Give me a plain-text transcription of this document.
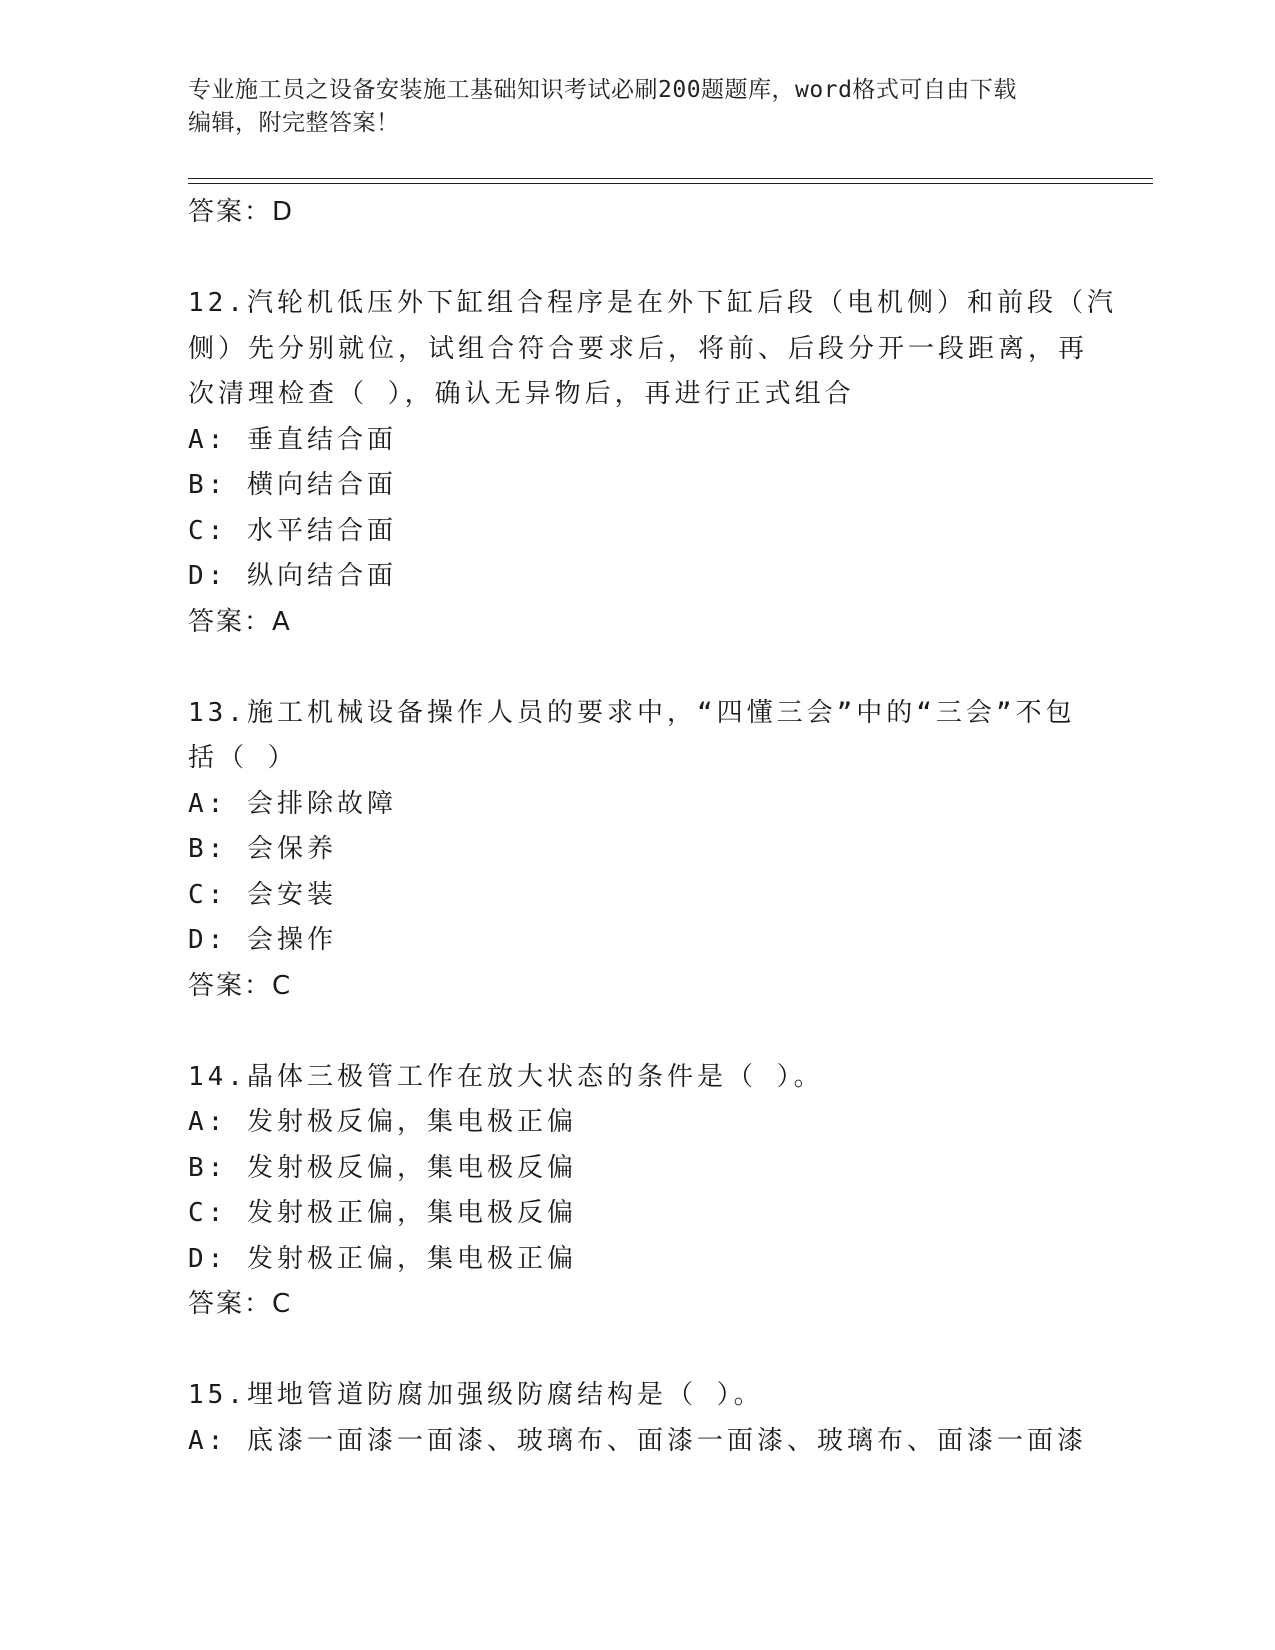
专业施工员之设备安装施工基础知识考试必刷200题题库，word格式可自由下载
编辑，附完整答案！
答案：D
12.汽轮机低压外下缸组合程序是在外下缸后段（电机侧）和前段（汽
侧）先分别就位，试组合符合要求后，将前、后段分开一段距离，再
次清理检查（ ），确认无异物后，再进行正式组合
A: 垂直结合面
B: 横向结合面
C: 水平结合面
D: 纵向结合面
答案：A
13.施工机械设备操作人员的要求中，“四懂三会”中的“三会”不包
括（ ）
A: 会排除故障
B: 会保养
C: 会安装
D: 会操作
答案：C
14.晶体三极管工作在放大状态的条件是（ ）。
A: 发射极反偏，集电极正偏
B: 发射极反偏，集电极反偏
C: 发射极正偏，集电极反偏
D: 发射极正偏，集电极正偏
答案：C
15.埋地管道防腐加强级防腐结构是（ ）。
A: 底漆一面漆一面漆、玻璃布、面漆一面漆、玻璃布、面漆一面漆
